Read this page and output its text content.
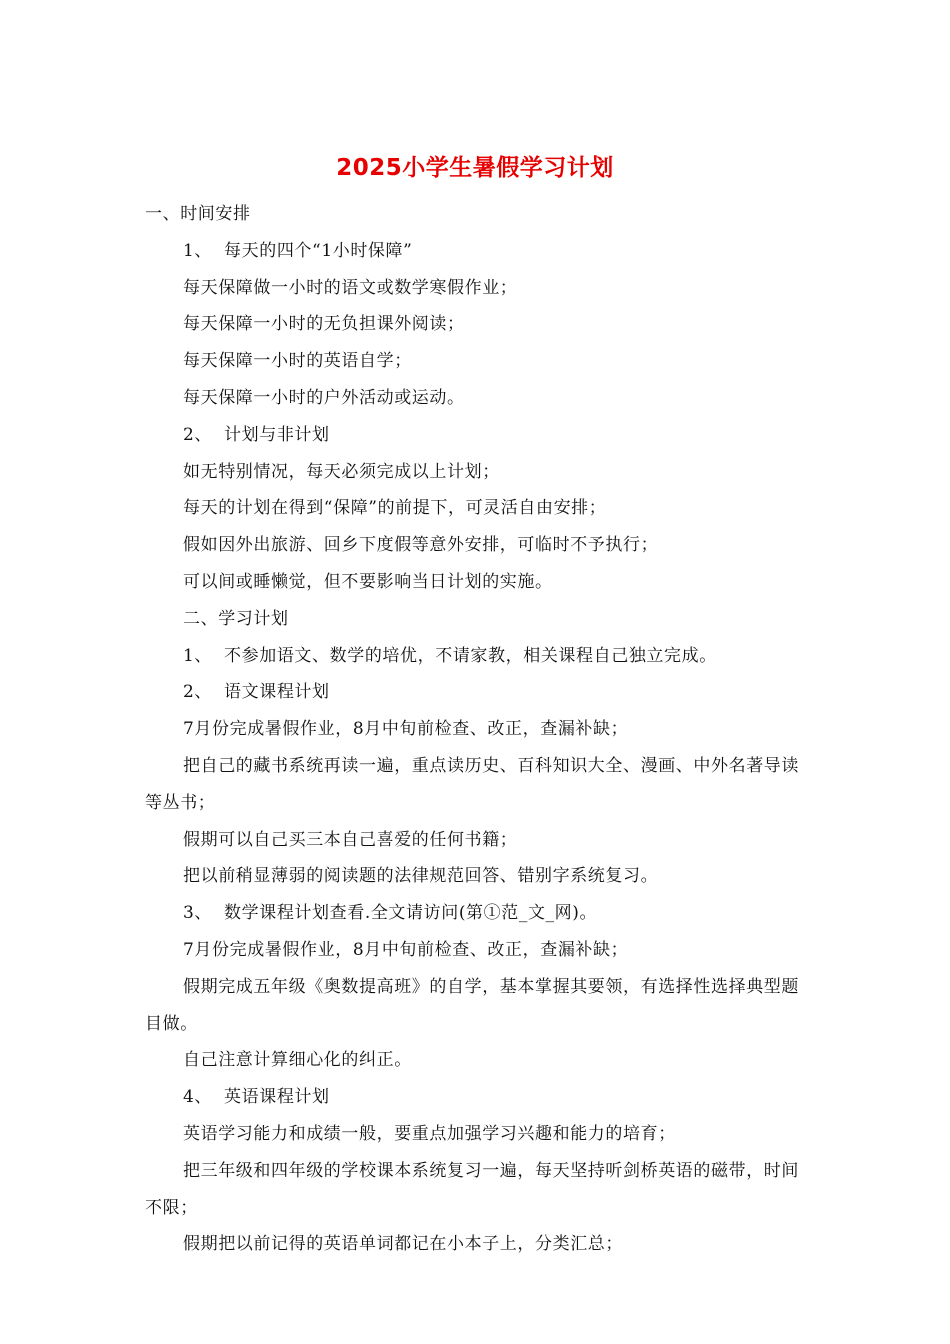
2025小学生暑假学习计划

一、时间安排

1、  每天的四个“1小时保障”

每天保障做一小时的语文或数学寒假作业；

每天保障一小时的无负担课外阅读；

每天保障一小时的英语自学；

每天保障一小时的户外活动或运动。

2、  计划与非计划

如无特别情况，每天必须完成以上计划；

每天的计划在得到“保障”的前提下，可灵活自由安排；

假如因外出旅游、回乡下度假等意外安排，可临时不予执行；

可以间或睡懒觉，但不要影响当日计划的实施。

二、学习计划

1、  不参加语文、数学的培优，不请家教，相关课程自己独立完成。

2、  语文课程计划

7月份完成暑假作业，8月中旬前检查、改正，查漏补缺；

把自己的藏书系统再读一遍，重点读历史、百科知识大全、漫画、中外名著导读等丛书；

假期可以自己买三本自己喜爱的任何书籍；

把以前稍显薄弱的阅读题的法律规范回答、错别字系统复习。

3、  数学课程计划查看.全文请访问(第①范_文_网)。

7月份完成暑假作业，8月中旬前检查、改正，查漏补缺；

假期完成五年级《奥数提高班》的自学，基本掌握其要领，有选择性选择典型题目做。

自己注意计算细心化的纠正。

4、  英语课程计划

英语学习能力和成绩一般，要重点加强学习兴趣和能力的培育；

把三年级和四年级的学校课本系统复习一遍，每天坚持听剑桥英语的磁带，时间不限；

假期把以前记得的英语单词都记在小本子上，分类汇总；
